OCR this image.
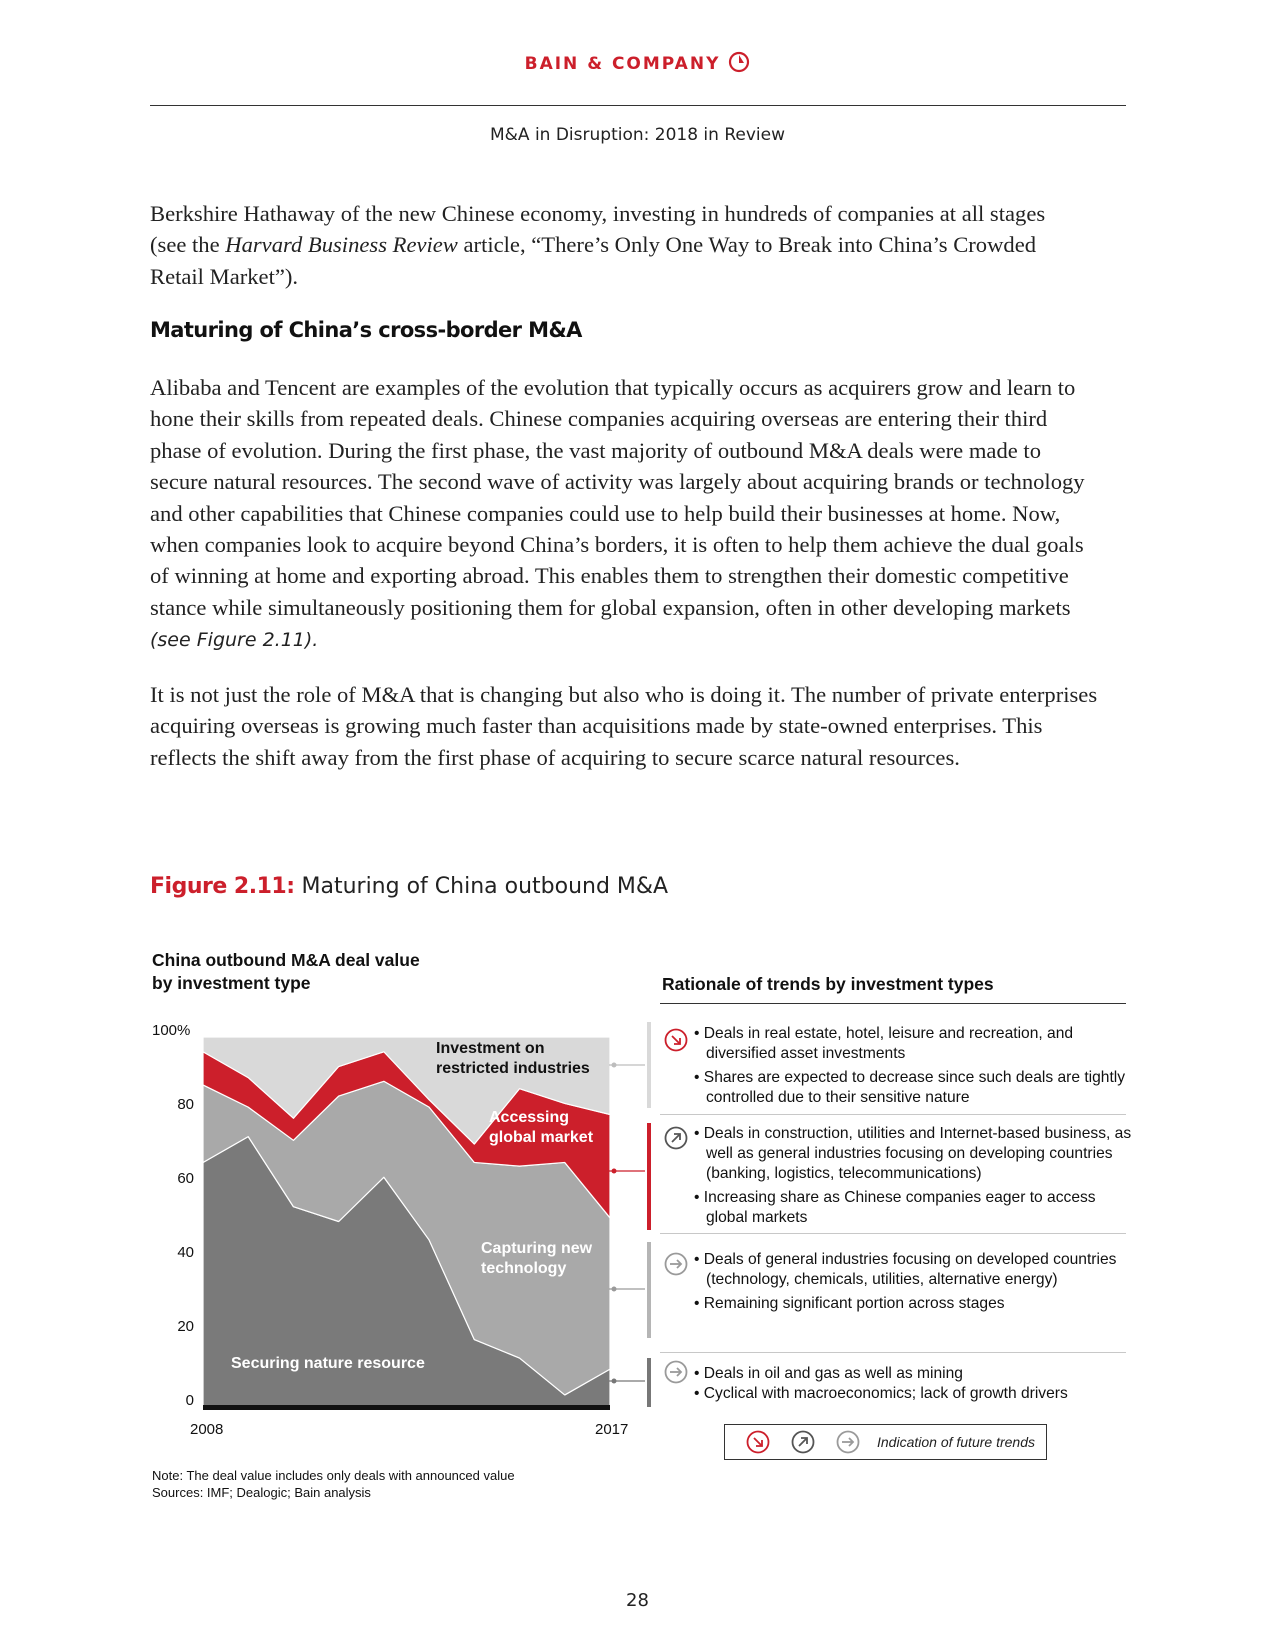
BAIN & COMPANY
M&A in Disruption: 2018 in Review

Berkshire Hathaway of the new Chinese economy, investing in hundreds of companies at all stages
(see the Harvard Business Review article, “There’s Only One Way to Break into China’s Crowded
Retail Market”).

Maturing of China’s cross-border M&A

Alibaba and Tencent are examples of the evolution that typically occurs as acquirers grow and learn to
hone their skills from repeated deals. Chinese companies acquiring overseas are entering their third
phase of evolution. During the first phase, the vast majority of outbound M&A deals were made to
secure natural resources. The second wave of activity was largely about acquiring brands or technology
and other capabilities that Chinese companies could use to help build their businesses at home. Now,
when companies look to acquire beyond China’s borders, it is often to help them achieve the dual goals
of winning at home and exporting abroad. This enables them to strengthen their domestic competitive
stance while simultaneously positioning them for global expansion, often in other developing markets
(see Figure 2.11).

It is not just the role of M&A that is changing but also who is doing it. The number of private enterprises
acquiring overseas is growing much faster than acquisitions made by state-owned enterprises. This
reflects the shift away from the first phase of acquiring to secure scarce natural resources.

Figure 2.11: Maturing of China outbound M&A
China outbound M&A deal value
by investment type
100%
80
60
40
20
0
2008	2017
Investment on
restricted industries
Accessing
global market
Capturing new
technology
Securing nature resource
Rationale of trends by investment types
• Deals in real estate, hotel, leisure and recreation, and diversified asset investments
• Shares are expected to decrease since such deals are tightly controlled due to their sensitive nature
• Deals in construction, utilities and Internet-based business, as well as general industries focusing on developing countries (banking, logistics, telecommunications)
• Increasing share as Chinese companies eager to access global markets
• Deals of general industries focusing on developed countries (technology, chemicals, utilities, alternative energy)
• Remaining significant portion across stages
• Deals in oil and gas as well as mining
• Cyclical with macroeconomics; lack of growth drivers
Indication of future trends
Note: The deal value includes only deals with announced value
Sources: IMF; Dealogic; Bain analysis
28
